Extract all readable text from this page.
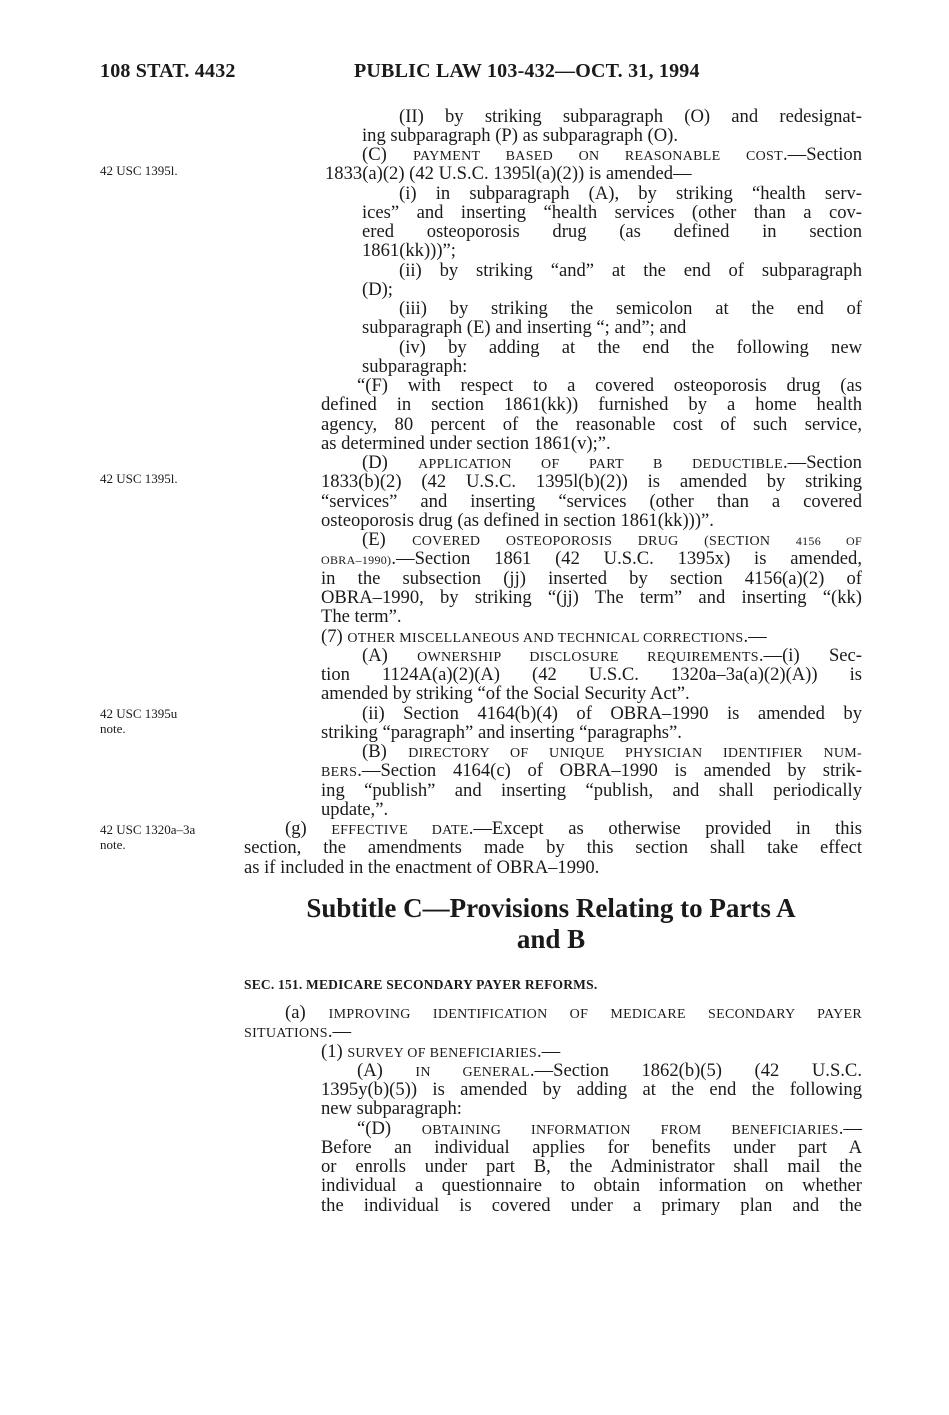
108 STAT. 4432	PUBLIC LAW 103-432—OCT. 31, 1994
42 USC 1395l.
42 USC 1395l.
42 USC 1395u
note.
42 USC 1320a–3a
note.
(II) by striking subparagraph (O) and redesignat-
ing subparagraph (P) as subparagraph (O).
(C) PAYMENT BASED ON REASONABLE COST.—Section
1833(a)(2) (42 U.S.C. 1395l(a)(2)) is amended—
(i) in subparagraph (A), by striking “health serv-
ices” and inserting “health services (other than a cov-
ered osteoporosis drug (as defined in section
1861(kk)))”;
(ii) by striking “and” at the end of subparagraph
(D);
(iii) by striking the semicolon at the end of
subparagraph (E) and inserting “; and”; and
(iv) by adding at the end the following new
subparagraph:
“(F) with respect to a covered osteoporosis drug (as
defined in section 1861(kk)) furnished by a home health
agency, 80 percent of the reasonable cost of such service,
as determined under section 1861(v);”.
(D) APPLICATION OF PART B DEDUCTIBLE.—Section
1833(b)(2) (42 U.S.C. 1395l(b)(2)) is amended by striking
“services” and inserting “services (other than a covered
osteoporosis drug (as defined in section 1861(kk)))”.
(E) COVERED OSTEOPOROSIS DRUG (SECTION 4156 OF
OBRA–1990).—Section 1861 (42 U.S.C. 1395x) is amended,
in the subsection (jj) inserted by section 4156(a)(2) of
OBRA–1990, by striking “(jj) The term” and inserting “(kk)
The term”.
(7) OTHER MISCELLANEOUS AND TECHNICAL CORRECTIONS.—
(A) OWNERSHIP DISCLOSURE REQUIREMENTS.—(i) Sec-
tion 1124A(a)(2)(A) (42 U.S.C. 1320a–3a(a)(2)(A)) is
amended by striking “of the Social Security Act”.
(ii) Section 4164(b)(4) of OBRA–1990 is amended by
striking “paragraph” and inserting “paragraphs”.
(B) DIRECTORY OF UNIQUE PHYSICIAN IDENTIFIER NUM-
BERS.—Section 4164(c) of OBRA–1990 is amended by strik-
ing “publish” and inserting “publish, and shall periodically
update,”.
(g) EFFECTIVE DATE.—Except as otherwise provided in this
section, the amendments made by this section shall take effect
as if included in the enactment of OBRA–1990.
Subtitle C—Provisions Relating to Parts A
and B
SEC. 151. MEDICARE SECONDARY PAYER REFORMS.
(a) IMPROVING IDENTIFICATION OF MEDICARE SECONDARY PAYER
SITUATIONS.—
(1) SURVEY OF BENEFICIARIES.—
(A) IN GENERAL.—Section 1862(b)(5) (42 U.S.C.
1395y(b)(5)) is amended by adding at the end the following
new subparagraph:
“(D) OBTAINING INFORMATION FROM BENEFICIARIES.—
Before an individual applies for benefits under part A
or enrolls under part B, the Administrator shall mail the
individual a questionnaire to obtain information on whether
the individual is covered under a primary plan and the
